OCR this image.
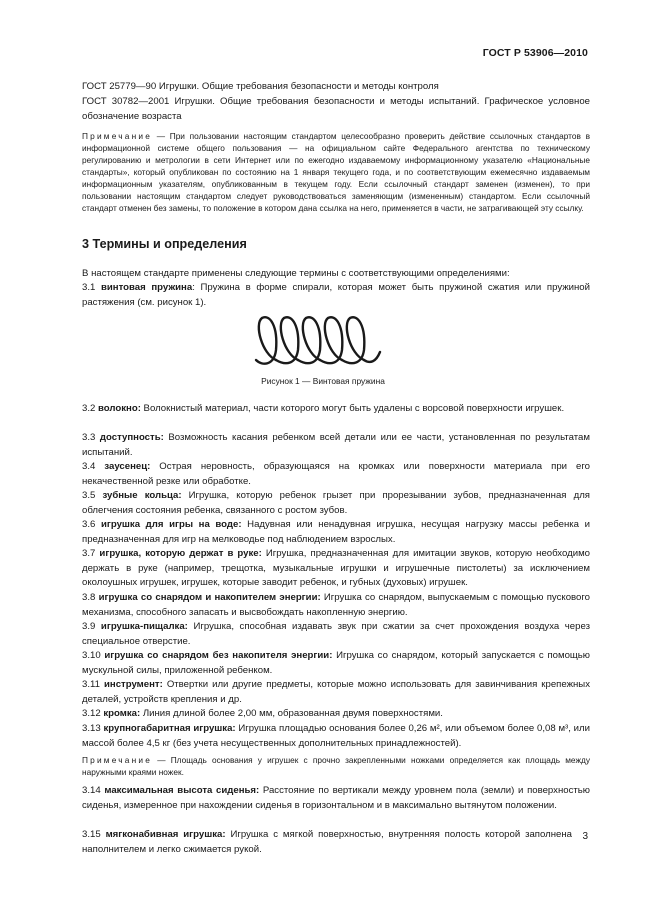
ГОСТ Р 53906—2010
ГОСТ 25779—90 Игрушки. Общие требования безопасности и методы контроля
ГОСТ 30782—2001 Игрушки. Общие требования безопасности и методы испытаний. Графическое условное обозначение возраста
Примечание — При пользовании настоящим стандартом целесообразно проверить действие ссылочных стандартов в информационной системе общего пользования — на официальном сайте Федерального агентства по техническому регулированию и метрологии в сети Интернет или по ежегодно издаваемому информационному указателю «Национальные стандарты», который опубликован по состоянию на 1 января текущего года, и по соответствующим ежемесячно издаваемым информационным указателям, опубликованным в текущем году. Если ссылочный стандарт заменен (изменен), то при пользовании настоящим стандартом следует руководствоваться заменяющим (измененным) стандартом. Если ссылочный стандарт отменен без замены, то положение в котором дана ссылка на него, применяется в части, не затрагивающей эту ссылку.
3 Термины и определения
В настоящем стандарте применены следующие термины с соответствующими определениями:
3.1 винтовая пружина: Пружина в форме спирали, которая может быть пружиной сжатия или пружиной растяжения (см. рисунок 1).
Рисунок 1 — Винтовая пружина
3.2 волокно: Волокнистый материал, части которого могут быть удалены с ворсовой поверхности игрушек.
3.3 доступность: Возможность касания ребенком всей детали или ее части, установленная по результатам испытаний.
3.4 заусенец: Острая неровность, образующаяся на кромках или поверхности материала при его некачественной резке или обработке.
3.5 зубные кольца: Игрушка, которую ребенок грызет при прорезывании зубов, предназначенная для облегчения состояния ребенка, связанного с ростом зубов.
3.6 игрушка для игры на воде: Надувная или ненадувная игрушка, несущая нагрузку массы ребенка и предназначенная для игр на мелководье под наблюдением взрослых.
3.7 игрушка, которую держат в руке: Игрушка, предназначенная для имитации звуков, которую необходимо держать в руке (например, трещотка, музыкальные игрушки и игрушечные пистолеты) за исключением околоушных игрушек, игрушек, которые заводит ребенок, и губных (духовых) игрушек.
3.8 игрушка со снарядом и накопителем энергии: Игрушка со снарядом, выпускаемым с помощью пускового механизма, способного запасать и высвобождать накопленную энергию.
3.9 игрушка-пищалка: Игрушка, способная издавать звук при сжатии за счет прохождения воздуха через специальное отверстие.
3.10 игрушка со снарядом без накопителя энергии: Игрушка со снарядом, который запускается с помощью мускульной силы, приложенной ребенком.
3.11 инструмент: Отвертки или другие предметы, которые можно использовать для завинчивания крепежных деталей, устройств крепления и др.
3.12 кромка: Линия длиной более 2,00 мм, образованная двумя поверхностями.
3.13 крупногабаритная игрушка: Игрушка площадью основания более 0,26 м², или объемом более 0,08 м³, или массой более 4,5 кг (без учета несущественных дополнительных принадлежностей).
Примечание — Площадь основания у игрушек с прочно закрепленными ножками определяется как площадь между наружными краями ножек.
3.14 максимальная высота сиденья: Расстояние по вертикали между уровнем пола (земли) и поверхностью сиденья, измеренное при нахождении сиденья в горизонтальном и в максимально вытянутом положении.
3.15 мягконабивная игрушка: Игрушка с мягкой поверхностью, внутренняя полость которой заполнена наполнителем и легко сжимается рукой.
3
